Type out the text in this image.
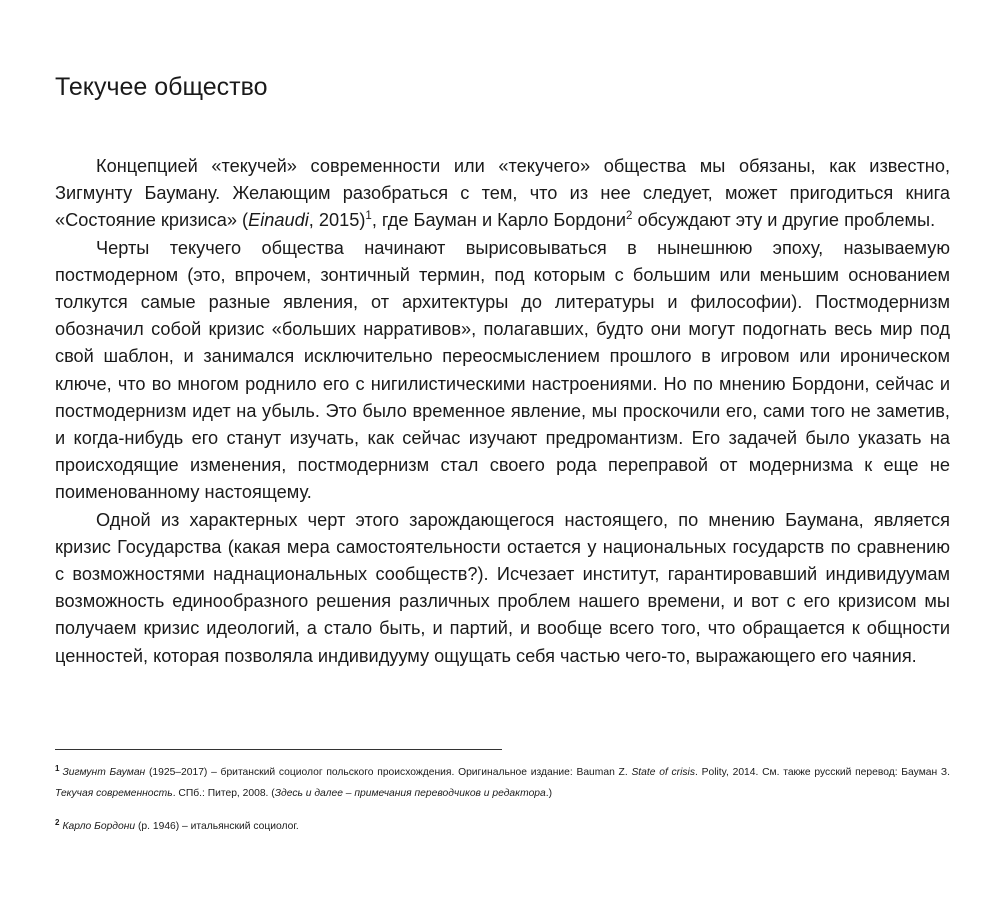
Текучее общество

Концепцией «текучей» современности или «текучего» общества мы обязаны, как известно, Зигмунту Бауману. Желающим разобраться с тем, что из нее следует, может пригодиться книга «Состояние кризиса» (Einaudi, 2015)$^1$, где Бауман и Карло Бордони$^2$ обсуждают эту и другие проблемы.

Черты текучего общества начинают вырисовываться в нынешнюю эпоху, называемую постмодерном (это, впрочем, зонтичный термин, под которым с большим или меньшим основанием толкутся самые разные явления, от архитектуры до литературы и философии). Постмодернизм обозначил собой кризис «больших нарративов», полагавших, будто они могут подогнать весь мир под свой шаблон, и занимался исключительно переосмыслением прошлого в игровом или ироническом ключе, что во многом роднило его с нигилистическими настроениями. Но по мнению Бордони, сейчас и постмодернизм идет на убыль. Это было временное явление, мы проскочили его, сами того не заметив, и когда-нибудь его станут изучать, как сейчас изучают предромантизм. Его задачей было указать на происходящие изменения, постмодернизм стал своего рода переправой от модернизма к еще не поименованному настоящему.

Одной из характерных черт этого зарождающегося настоящего, по мнению Баумана, является кризис Государства (какая мера самостоятельности остается у национальных государств по сравнению с возможностями наднациональных сообществ?). Исчезает институт, гарантировавший индивидуумам возможность единообразного решения различных проблем нашего времени, и вот с его кризисом мы получаем кризис идеологий, а стало быть, и партий, и вообще всего того, что обращается к общности ценностей, которая позволяла индивидууму ощущать себя частью чего-то, выражающего его чаяния.

$^1$ Зигмунт Бауман (1925–2017) – британский социолог польского происхождения. Оригинальное издание: Bauman Z. State of crisis. Polity, 2014. См. также русский перевод: Бауман З. Текучая современность. СПб.: Питер, 2008. (Здесь и далее – примечания переводчиков и редактора.)

$^2$ Карло Бордони (р. 1946) – итальянский социолог.
